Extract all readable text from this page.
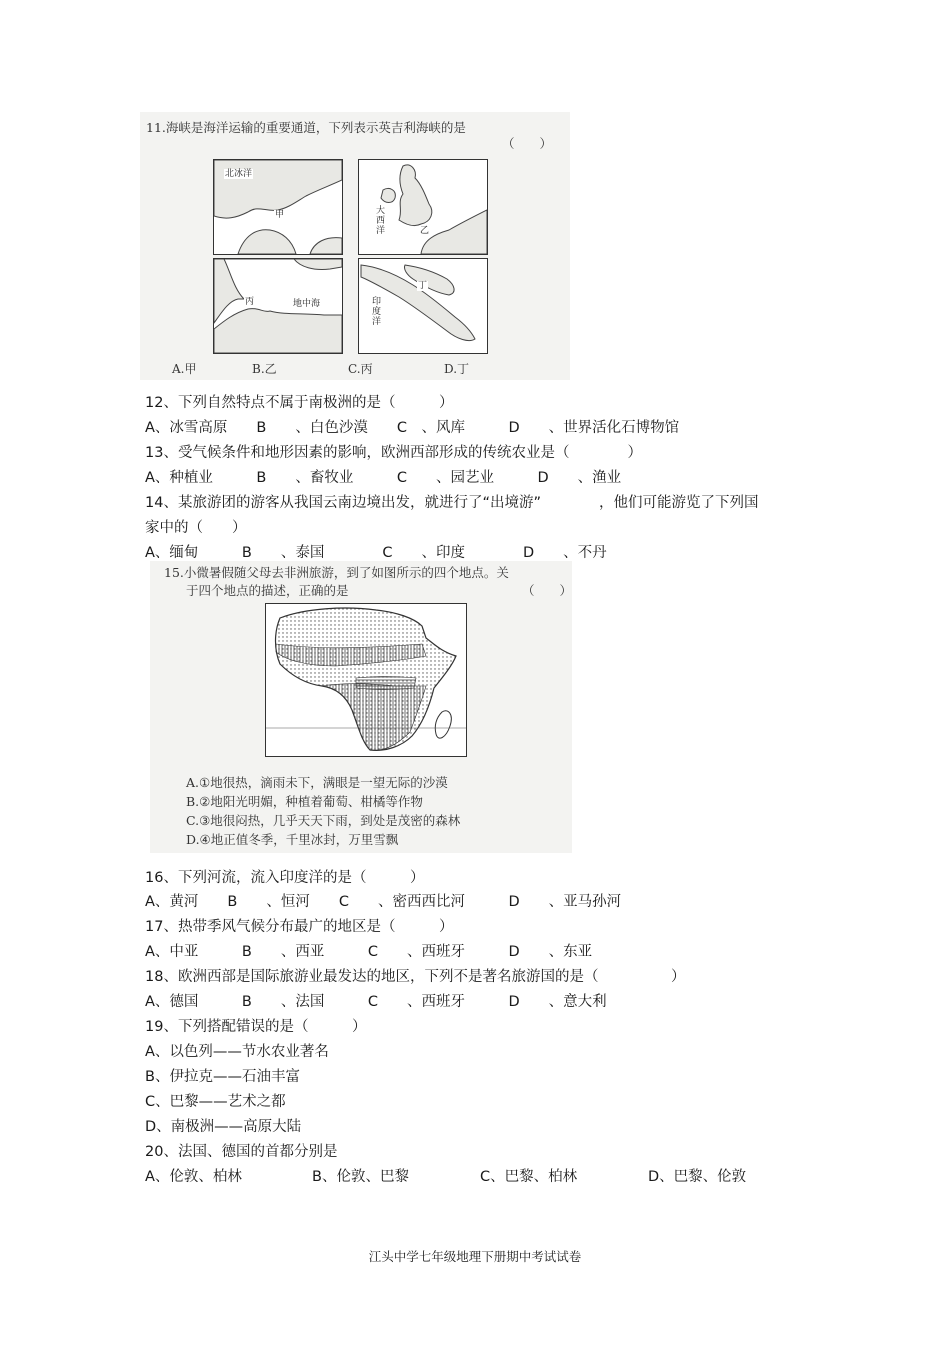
11.海峡是海洋运输的重要通道，下列表示英吉利海峡的是
（　　）
北冰洋
甲	大西洋	乙
丙	地中海
丁
印度洋
A.甲	B.乙	C.丙	D.丁
12、下列自然特点不属于南极洲的是（　　　）
A、冰雪高原　　B　　、白色沙漠　　C　、风库　　　D　　、世界活化石博物馆
13、受气候条件和地形因素的影响，欧洲西部形成的传统农业是（　　　　）
A、种植业　　　B　　、畜牧业　　　C　　、园艺业　　　D　　、渔业
14、某旅游团的游客从我国云南边境出发，就进行了“出境游”　　　　，他们可能游览了下列国
家中的（　　）
A、缅甸　　　B　　、泰国　　　　C　　、印度　　　　D　　、不丹
15.小微暑假随父母去非洲旅游，到了如图所示的四个地点。关
于四个地点的描述，正确的是	（　　）
A.①地很热，滴雨未下，满眼是一望无际的沙漠
B.②地阳光明媚，种植着葡萄、柑橘等作物
C.③地很闷热，几乎天天下雨，到处是茂密的森林
D.④地正值冬季，千里冰封，万里雪飘
16、下列河流，流入印度洋的是（　　　）
A、黄河　　B　　、恒河　　C　　、密西西比河　　　D　　、亚马孙河
17、热带季风气候分布最广的地区是（　　　）
A、中亚　　　B　　、西亚　　　C　　、西班牙　　　D　　、东亚
18、欧洲西部是国际旅游业最发达的地区，下列不是著名旅游国的是（　　　　　）
A、德国　　　B　　、法国　　　C　　、西班牙　　　D　　、意大利
19、下列搭配错误的是（　　　）
A、以色列——节水农业著名
B、伊拉克——石油丰富
C、巴黎——艺术之都
D、南极洲——高原大陆
20、法国、德国的首都分别是
A、伦敦、柏林	B、伦敦、巴黎	C、巴黎、柏林	D、巴黎、伦敦
江头中学七年级地理下册期中考试试卷
